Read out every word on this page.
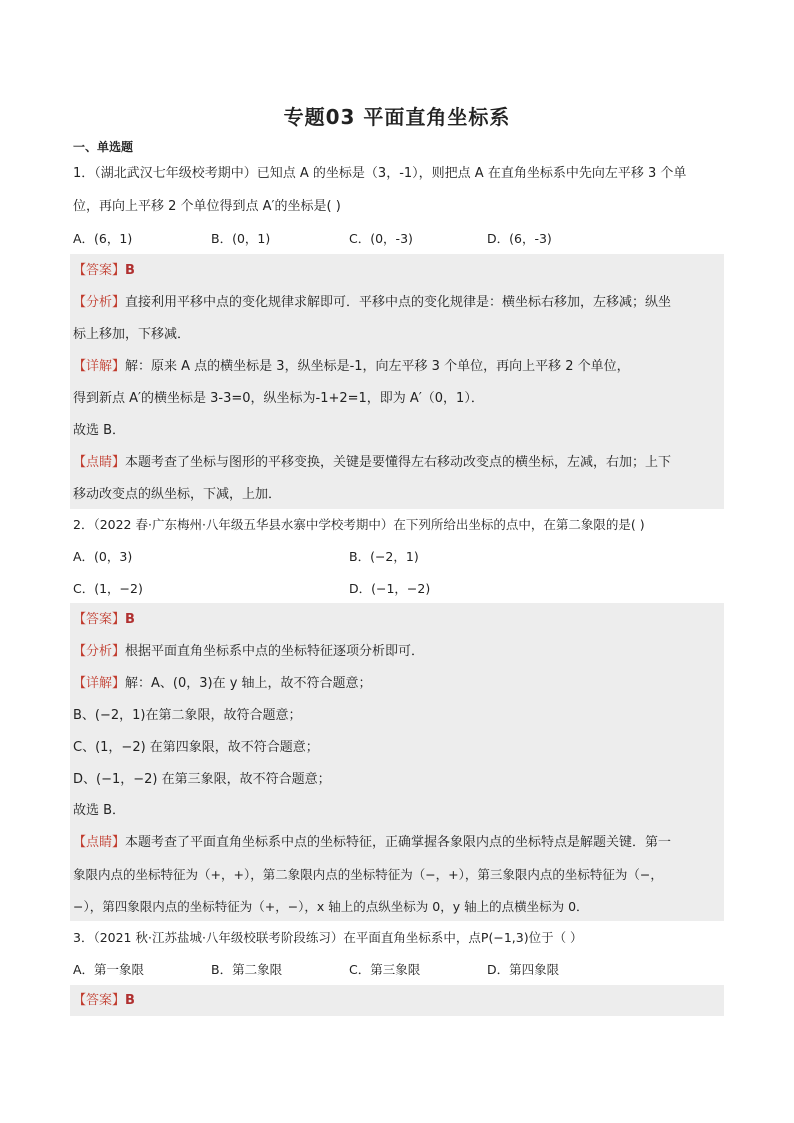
专题03 平面直角坐标系
一、单选题
1．（湖北武汉七年级校考期中）已知点 A 的坐标是（3，-1），则把点 A 在直角坐标系中先向左平移 3 个单
位，再向上平移 2 个单位得到点 A′的坐标是( )
A．(6，1)	B．(0，1)	C．(0，-3)	D．(6，-3)
【答案】B
【分析】直接利用平移中点的变化规律求解即可．平移中点的变化规律是：横坐标右移加，左移减；纵坐
标上移加，下移减．
【详解】解：原来 A 点的横坐标是 3，纵坐标是-1，向左平移 3 个单位，再向上平移 2 个单位，
得到新点 A′的横坐标是 3-3=0，纵坐标为-1+2=1，即为 A′（0，1）．
故选 B．
【点睛】本题考查了坐标与图形的平移变换，关键是要懂得左右移动改变点的横坐标，左减，右加；上下
移动改变点的纵坐标，下减，上加．
2．（2022 春·广东梅州·八年级五华县水寨中学校考期中）在下列所给出坐标的点中，在第二象限的是( )
A．(0，3)	B．(−2，1)
C．(1，−2)	D．(−1，−2)
【答案】B
【分析】根据平面直角坐标系中点的坐标特征逐项分析即可．
【详解】解：A、(0，3)在 y 轴上，故不符合题意；
B、(−2，1)在第二象限，故符合题意；
C、(1，−2) 在第四象限，故不符合题意；
D、(−1，−2) 在第三象限，故不符合题意；
故选 B．
【点睛】本题考查了平面直角坐标系中点的坐标特征，正确掌握各象限内点的坐标特点是解题关键．第一
象限内点的坐标特征为（+，+），第二象限内点的坐标特征为（−，+），第三象限内点的坐标特征为（−，
−），第四象限内点的坐标特征为（+，−），x 轴上的点纵坐标为 0，y 轴上的点横坐标为 0．
3．（2021 秋·江苏盐城·八年级校联考阶段练习）在平面直角坐标系中，点P(−1,3)位于（ ）
A．第一象限	B．第二象限	C．第三象限	D．第四象限
【答案】B
